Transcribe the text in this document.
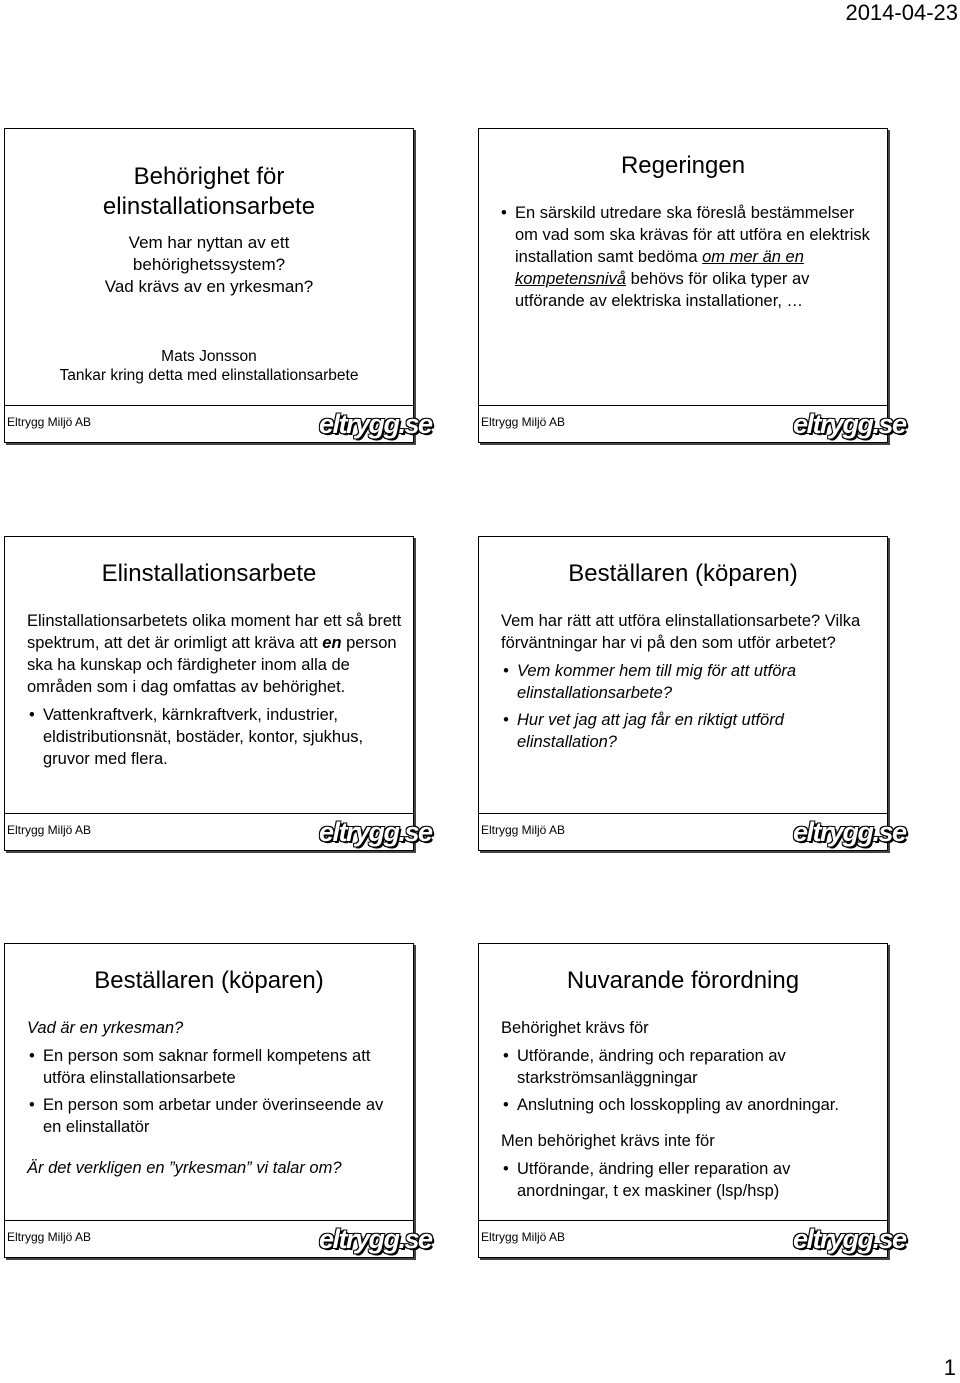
2014-04-23
Behörighet för
elinstallationsarbete
Vem har nyttan av ett
behörighetssystem?
Vad krävs av en yrkesman?
Mats Jonsson
Tankar kring detta med elinstallationsarbete
Eltrygg Miljö AB	eltrygg.se
Regeringen
• En särskild utredare ska föreslå bestämmelser om vad som ska krävas för att utföra en elektrisk installation samt bedöma om mer än en kompetensnivå behövs för olika typer av utförande av elektriska installationer, …
Eltrygg Miljö AB	eltrygg.se
Elinstallationsarbete

Elinstallationsarbetets olika moment har ett så brett spektrum, att det är orimligt att kräva att en person ska ha kunskap och färdigheter inom alla de områden som i dag omfattas av behörighet.

• Vattenkraftverk, kärnkraftverk, industrier, eldistributionsnät, bostäder, kontor, sjukhus, gruvor med flera.
Eltrygg Miljö AB	eltrygg.se
Beställaren (köparen)

Vem har rätt att utföra elinstallationsarbete? Vilka förväntningar har vi på den som utför arbetet?

• Vem kommer hem till mig för att utföra elinstallationsarbete?
• Hur vet jag att jag får en riktigt utförd elinstallation?
Eltrygg Miljö AB	eltrygg.se
Beställaren (köparen)

Vad är en yrkesman?

• En person som saknar formell kompetens att utföra elinstallationsarbete
• En person som arbetar under överinseende av en elinstallatör

Är det verkligen en ”yrkesman” vi talar om?

Eltrygg Miljö AB	eltrygg.se
Nuvarande förordning

Behörighet krävs för

• Utförande, ändring och reparation av starkströmsanläggningar
• Anslutning och losskoppling av anordningar.

Men behörighet krävs inte för

• Utförande, ändring eller reparation av anordningar, t ex maskiner (lsp/hsp)
Eltrygg Miljö AB	eltrygg.se
1
